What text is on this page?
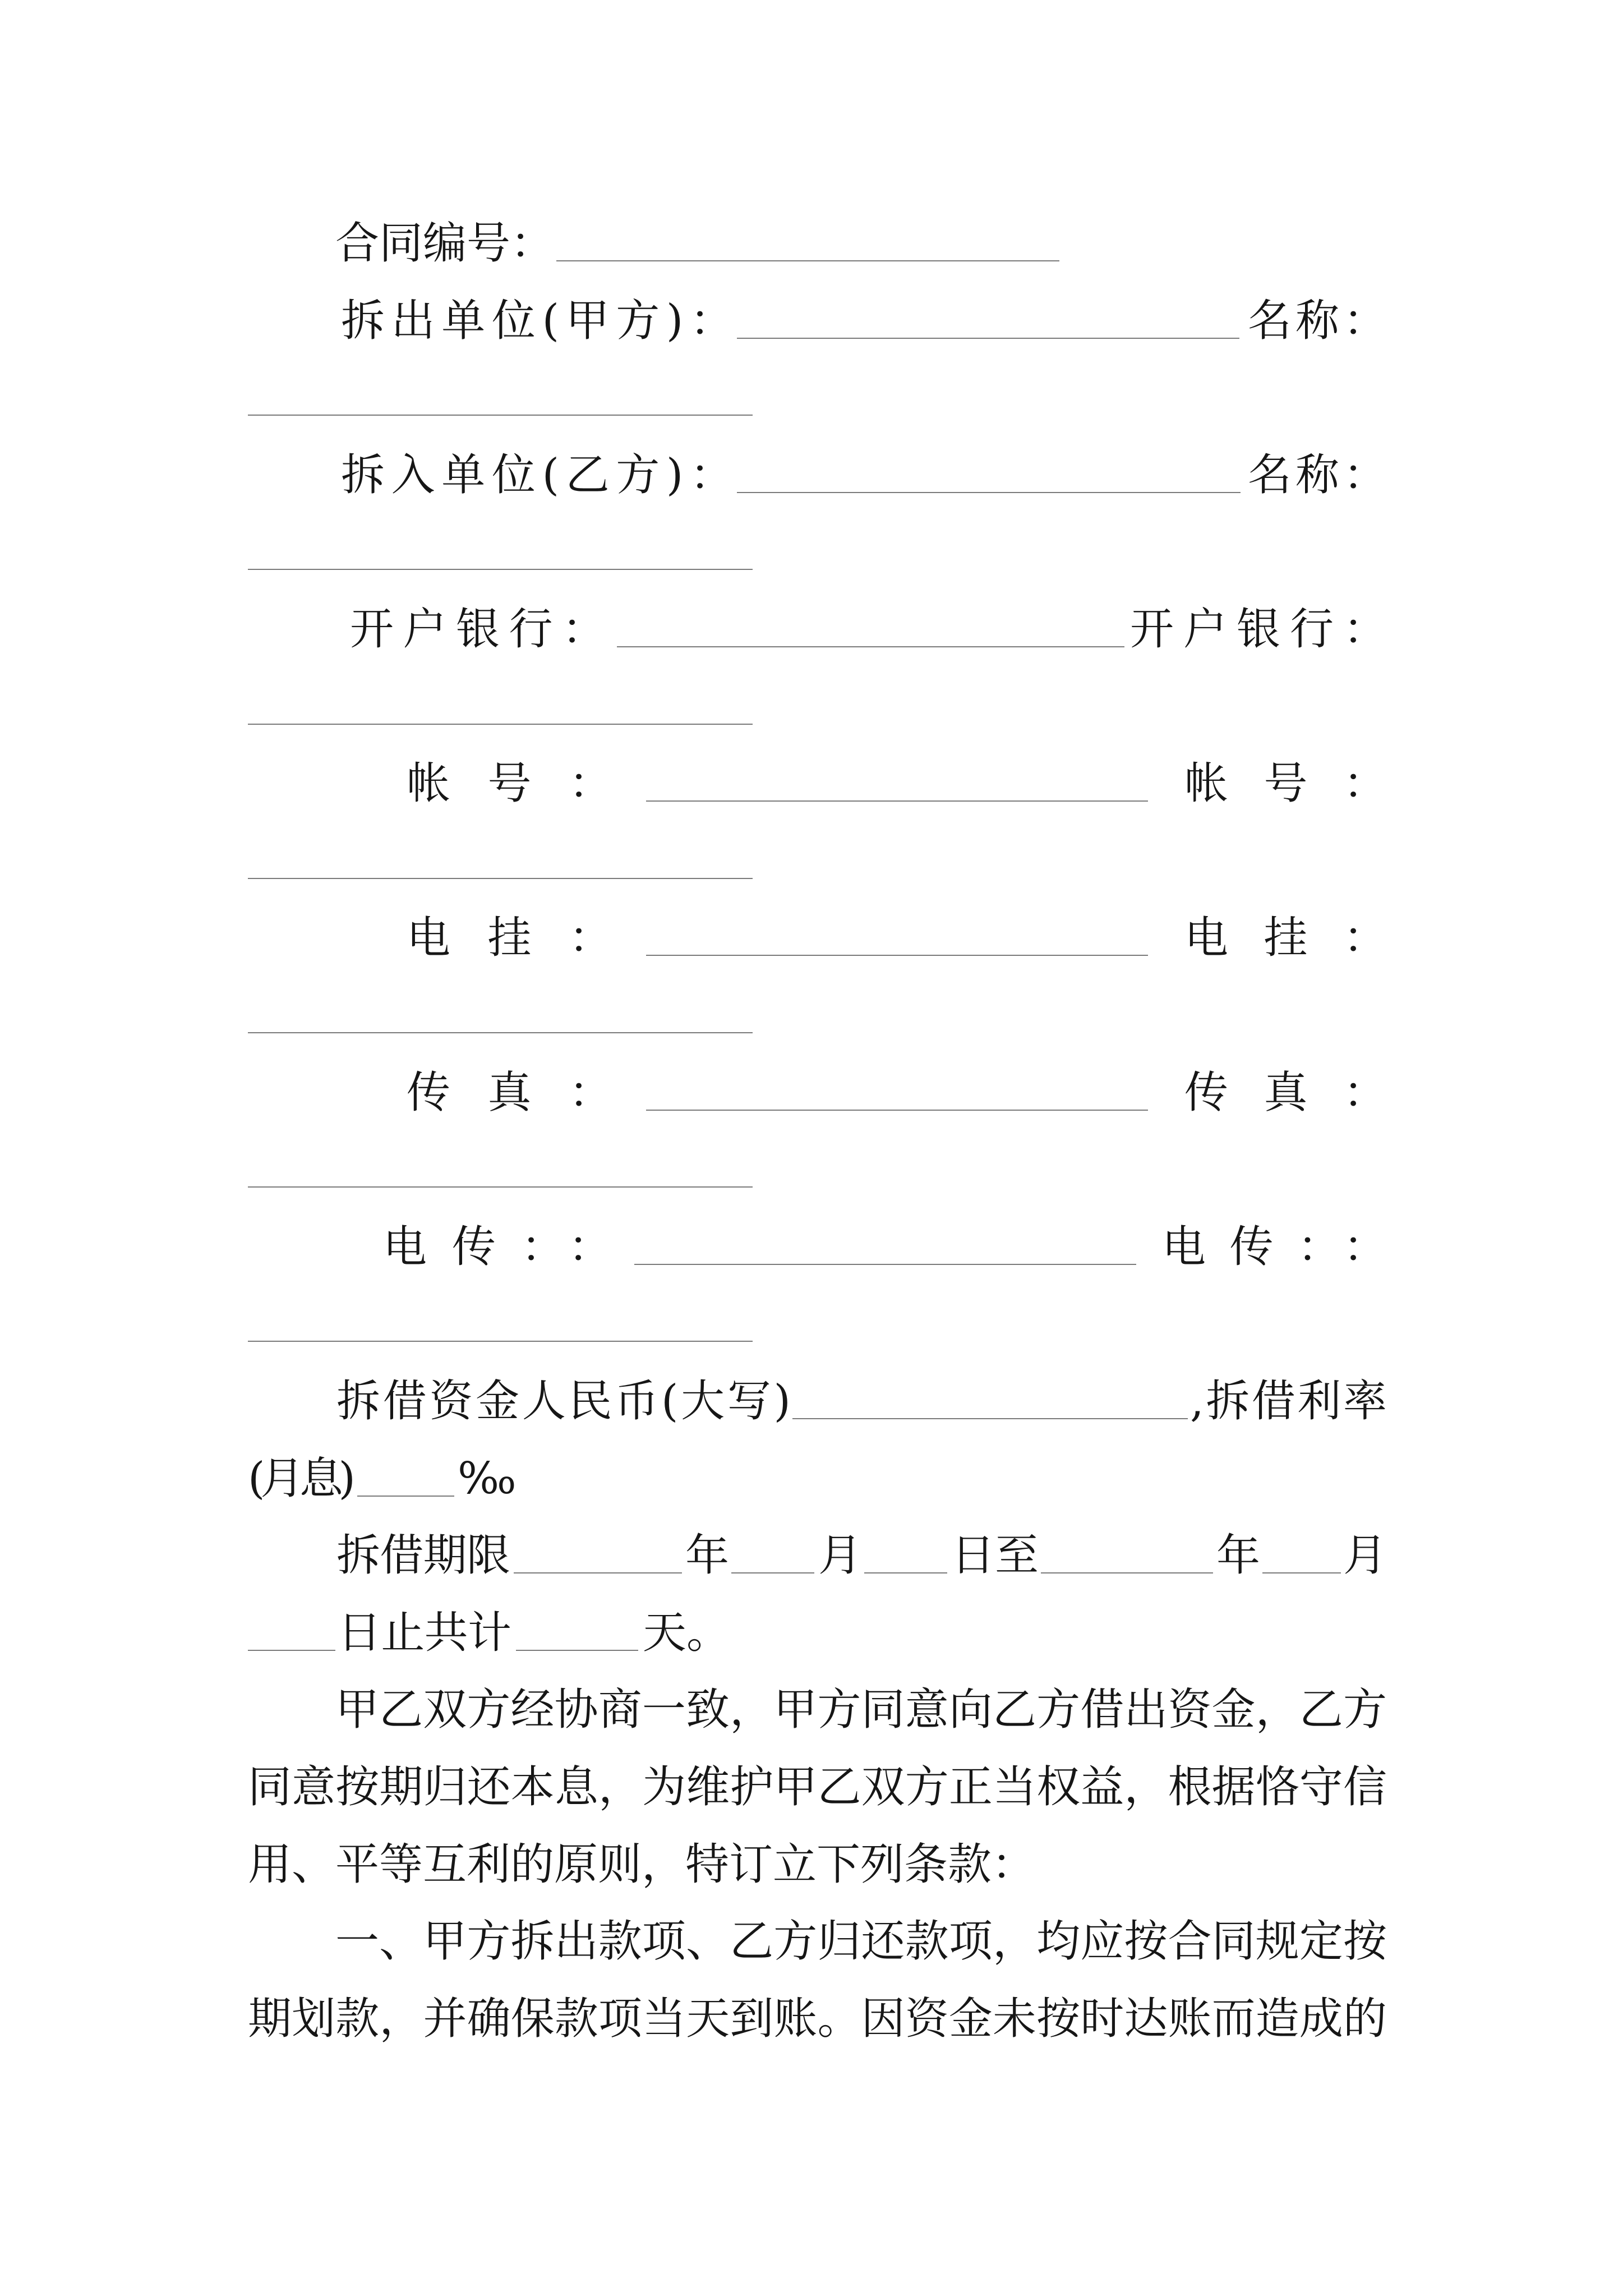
合同编号：
拆出单位(甲方)：	名称：
拆入单位(乙方)：	名称：
开户银行：	开户银行：
帐号：	帐号：
电挂：	电挂：
传真：	传真：
电传：：	电传：：
拆借资金人民币(大写)	,拆借利率
(月息) ‰
拆借期限	年 月 日至	年 月
日止共计	天。
甲乙双方经协商一致，甲方同意向乙方借出资金，乙方
同意按期归还本息，为维护甲乙双方正当权益，根据恪守信
用、平等互利的原则，特订立下列条款：
一、甲方拆出款项、乙方归还款项，均应按合同规定按
期划款，并确保款项当天到账。因资金未按时达账而造成的
